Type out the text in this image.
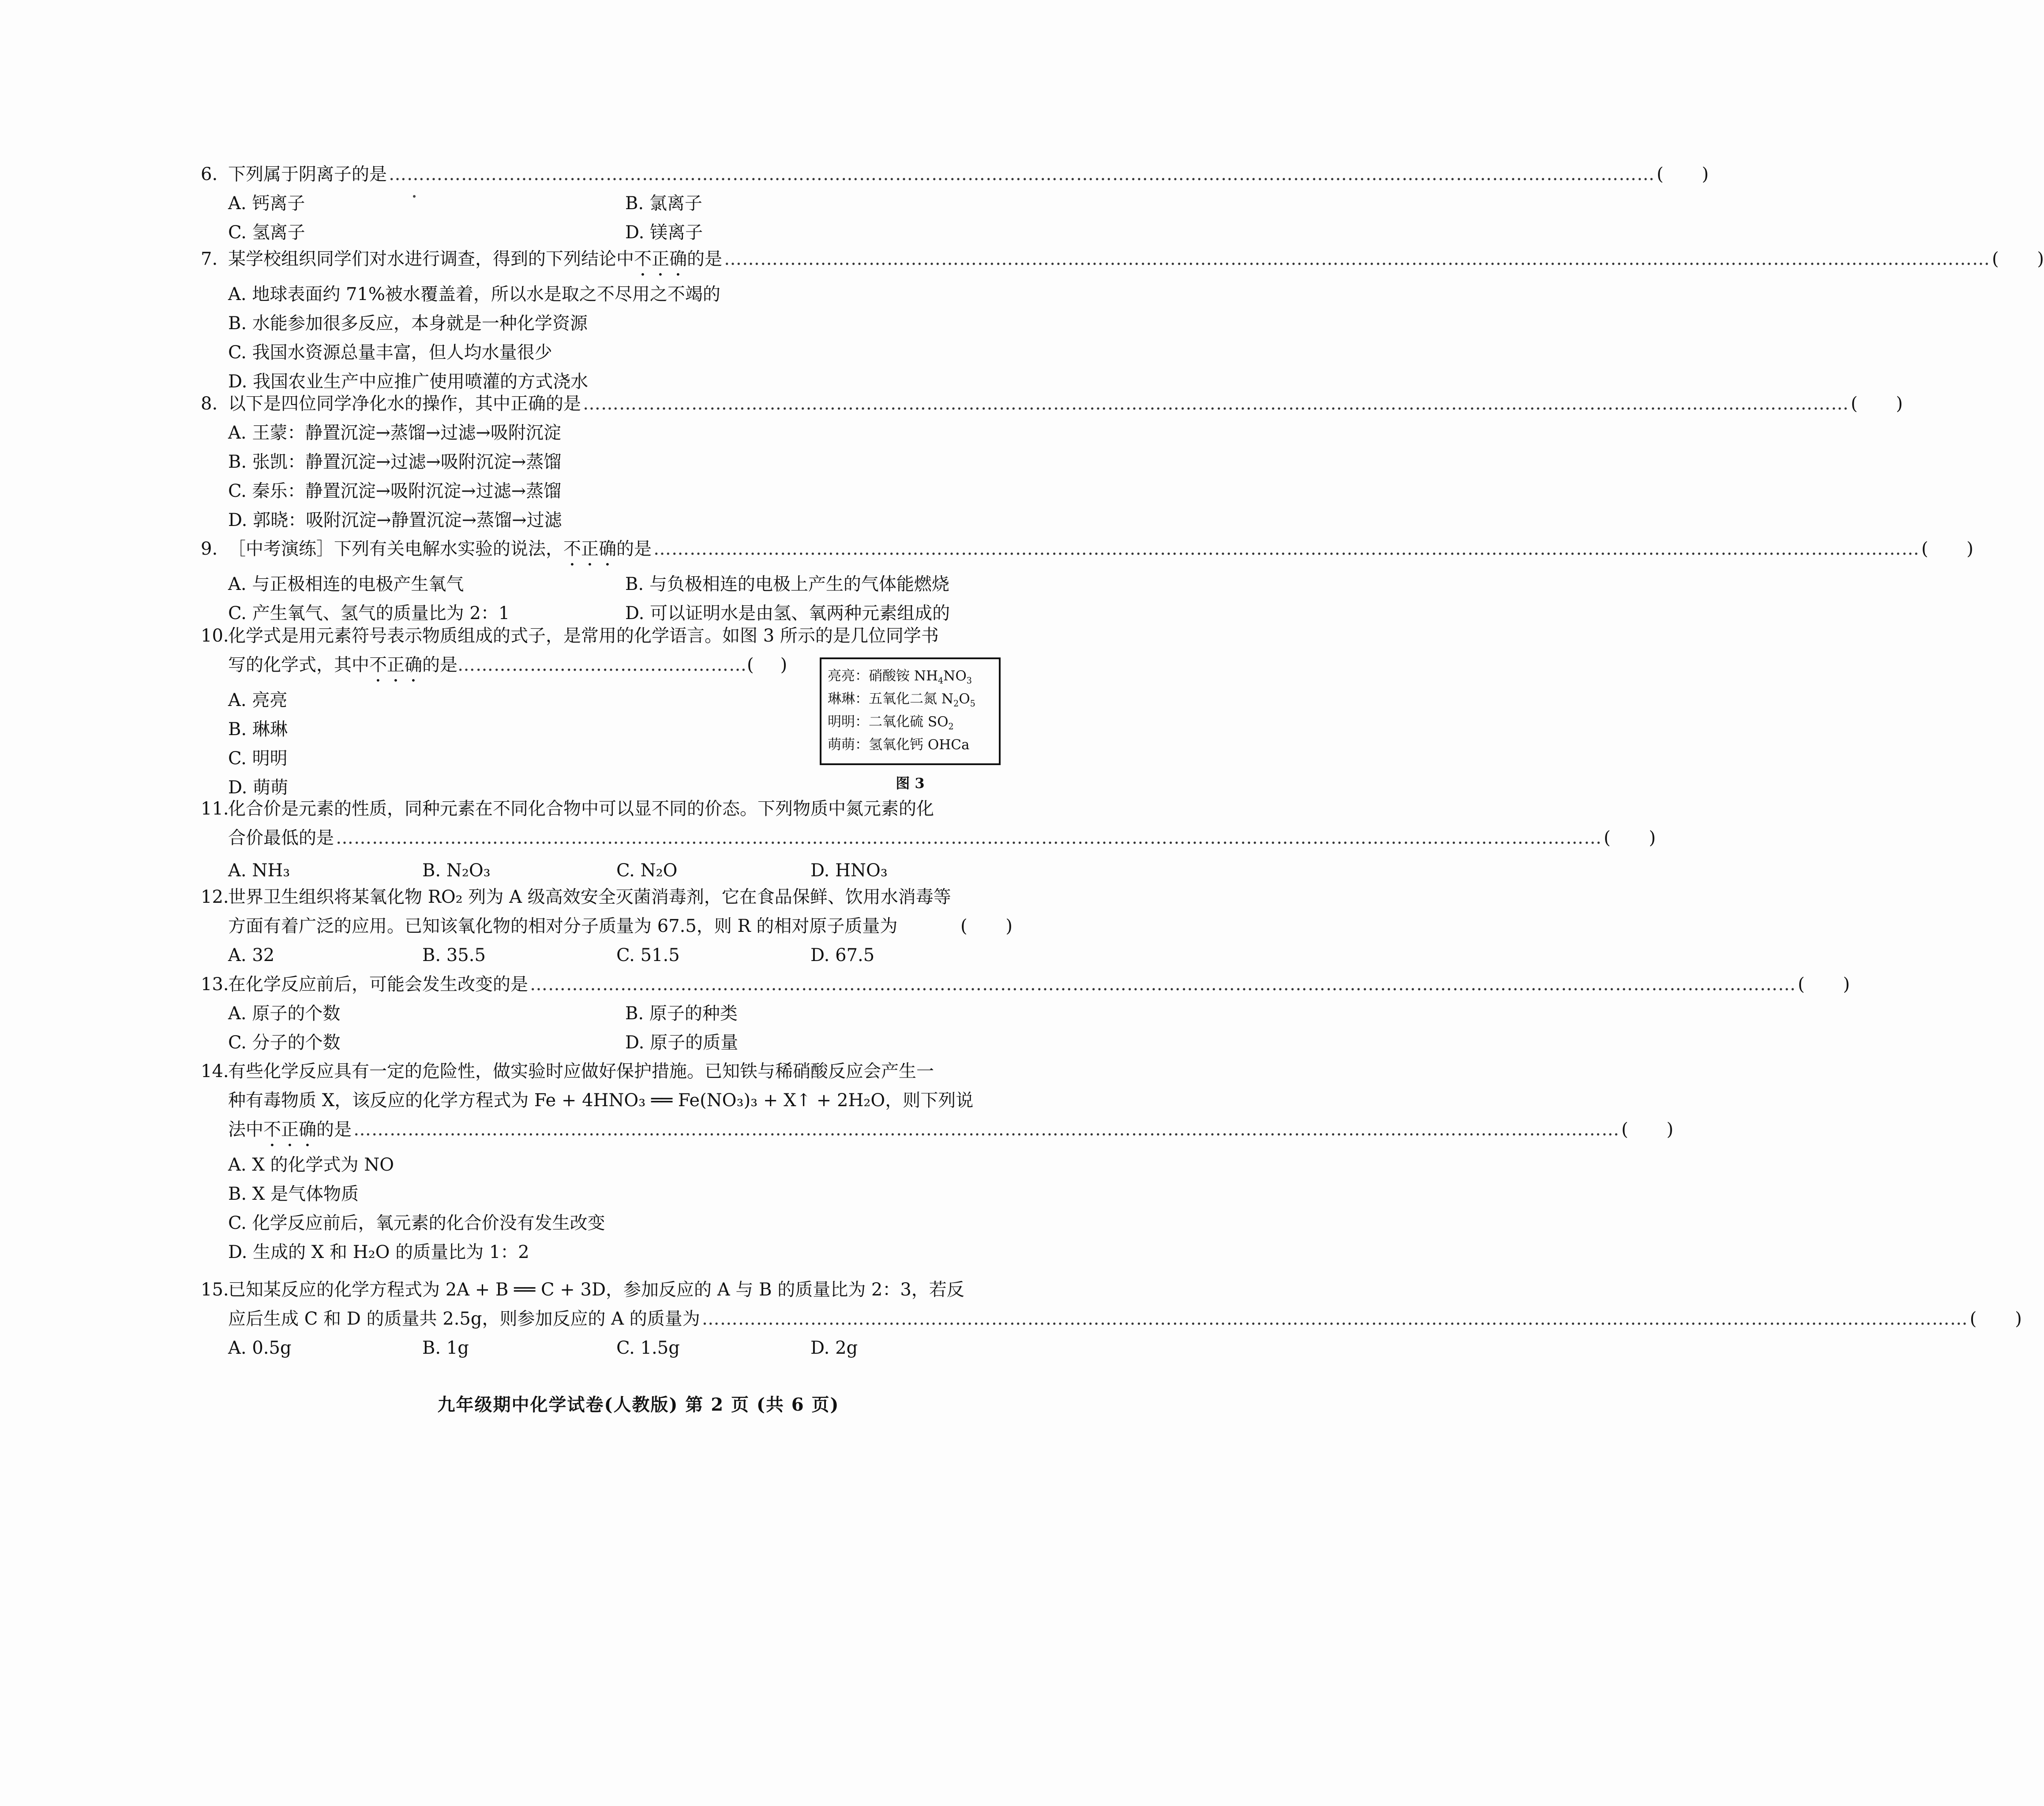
6. 下列属于阴离子的是 ………………………………………………………………………………………………………………………………………………………………………………………… ( )
A. 钙离子	B. 氯离子
C. 氢离子	D. 镁离子
7. 某学校组织同学们对水进行调查，得到的下列结论中不正确的是 ………………………………………………………………………………………………………………………………………………………………………………………… ( )
A. 地球表面约 71%被水覆盖着，所以水是取之不尽用之不竭的
B. 水能参加很多反应，本身就是一种化学资源
C. 我国水资源总量丰富，但人均水量很少
D. 我国农业生产中应推广使用喷灌的方式浇水
8. 以下是四位同学净化水的操作，其中正确的是 ………………………………………………………………………………………………………………………………………………………………………………………… ( )
A. 王蒙：静置沉淀→蒸馏→过滤→吸附沉淀
B. 张凯：静置沉淀→过滤→吸附沉淀→蒸馏
C. 秦乐：静置沉淀→吸附沉淀→过滤→蒸馏
D. 郭晓：吸附沉淀→静置沉淀→蒸馏→过滤
9. ［中考演练］下列有关电解水实验的说法，不正确的是 ………………………………………………………………………………………………………………………………………………………………………………………… ( )
A. 与正极相连的电极产生氧气	B. 与负极相连的电极上产生的气体能燃烧
C. 产生氧气、氢气的质量比为 2：1	D. 可以证明水是由氢、氧两种元素组成的
10.
化学式是用元素符号表示物质组成的式子，是常用的化学语言。如图 3 所示的是几位同学书
写的化学式，其中不正确的是…………………………………………( )
A. 亮亮
B. 琳琳
C. 明明
D. 萌萌
亮亮：硝酸铵 $NH_4NO_3$
琳琳：五氧化二氮 $N_2O_5$
明明：二氧化硫 $SO_2$
萌萌：氢氧化钙 OHCa
图 3
11.
化合价是元素的性质，同种元素在不同化合物中可以显不同的价态。下列物质中氮元素的化
合价最低的是 ………………………………………………………………………………………………………………………………………………………………………………………… ( )
A. NH₃	B. N₂O₃	C. N₂O	D. HNO₃
12.
世界卫生组织将某氧化物 RO₂ 列为 A 级高效安全灭菌消毒剂，它在食品保鲜、饮用水消毒等
方面有着广泛的应用。已知该氧化物的相对分子质量为 67.5，则 R 的相对原子质量为	( )
A. 32	B. 35.5	C. 51.5	D. 67.5
13.
在化学反应前后，可能会发生改变的是 ………………………………………………………………………………………………………………………………………………………………………………………… ( )
A. 原子的个数	B. 原子的种类
C. 分子的个数	D. 原子的质量
14.
有些化学反应具有一定的危险性，做实验时应做好保护措施。已知铁与稀硝酸反应会产生一
种有毒物质 X，该反应的化学方程式为 Fe + 4HNO₃ ══ Fe(NO₃)₃ + X↑ + 2H₂O，则下列说
法中不正确的是 ………………………………………………………………………………………………………………………………………………………………………………………… ( )
A. X 的化学式为 NO
B. X 是气体物质
C. 化学反应前后，氧元素的化合价没有发生改变
D. 生成的 X 和 H₂O 的质量比为 1：2
15.
已知某反应的化学方程式为 2A + B ══ C + 3D，参加反应的 A 与 B 的质量比为 2：3，若反
应后生成 C 和 D 的质量共 2.5g，则参加反应的 A 的质量为 ………………………………………………………………………………………………………………………………………………………………………………………… ( )
A. 0.5g	B. 1g	C. 1.5g	D. 2g
九年级期中化学试卷(人教版) 第 2 页 (共 6 页)
